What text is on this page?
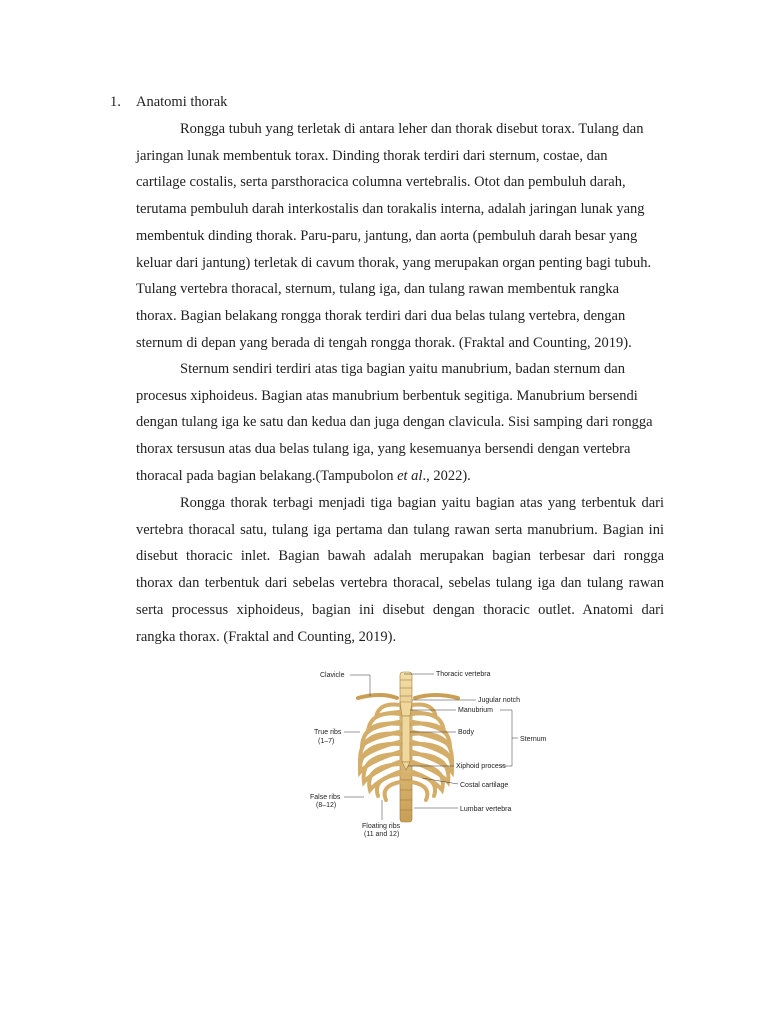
1. Anatomi thorak
Rongga tubuh yang terletak di antara leher dan thorak disebut torax. Tulang dan
jaringan lunak membentuk torax. Dinding thorak terdiri dari sternum, costae, dan
cartilage costalis, serta parsthoracica columna vertebralis. Otot dan pembuluh darah,
terutama pembuluh darah interkostalis dan torakalis interna, adalah jaringan lunak yang
membentuk dinding thorak. Paru-paru, jantung, dan aorta (pembuluh darah besar yang
keluar dari jantung) terletak di cavum thorak, yang merupakan organ penting bagi tubuh.
Tulang vertebra thoracal, sternum, tulang iga, dan tulang rawan membentuk rangka
thorax. Bagian belakang rongga thorak terdiri dari dua belas tulang vertebra, dengan
sternum di depan yang berada di tengah rongga thorak. (Fraktal and Counting, 2019).
Sternum sendiri terdiri atas tiga bagian yaitu manubrium, badan sternum dan
procesus xiphoideus. Bagian atas manubrium berbentuk segitiga. Manubrium bersendi
dengan tulang iga ke satu dan kedua dan juga dengan clavicula. Sisi samping dari rongga
thorax tersusun atas dua belas tulang iga, yang kesemuanya bersendi dengan vertebra
thoracal pada bagian belakang.(Tampubolon et al., 2022).
Rongga thorak terbagi menjadi tiga bagian yaitu bagian atas yang terbentuk dari
vertebra thoracal satu, tulang iga pertama dan tulang rawan serta manubrium. Bagian ini
disebut thoracic inlet. Bagian bawah adalah merupakan bagian terbesar dari rongga
thorax dan terbentuk dari sebelas vertebra thoracal, sebelas tulang iga dan tulang rawan
serta processus xiphoideus, bagian ini disebut dengan thoracic outlet. Anatomi dari
rangka thorax. (Fraktal and Counting, 2019).
Clavicle	Thoracic vertebra
Jugular notch
Manubrium
Body
Sternum
True ribs
(1–7)
Xiphoid process
Costal cartilage
False ribs
(8–12)
Lumbar vertebra
Floating ribs
(11 and 12)
